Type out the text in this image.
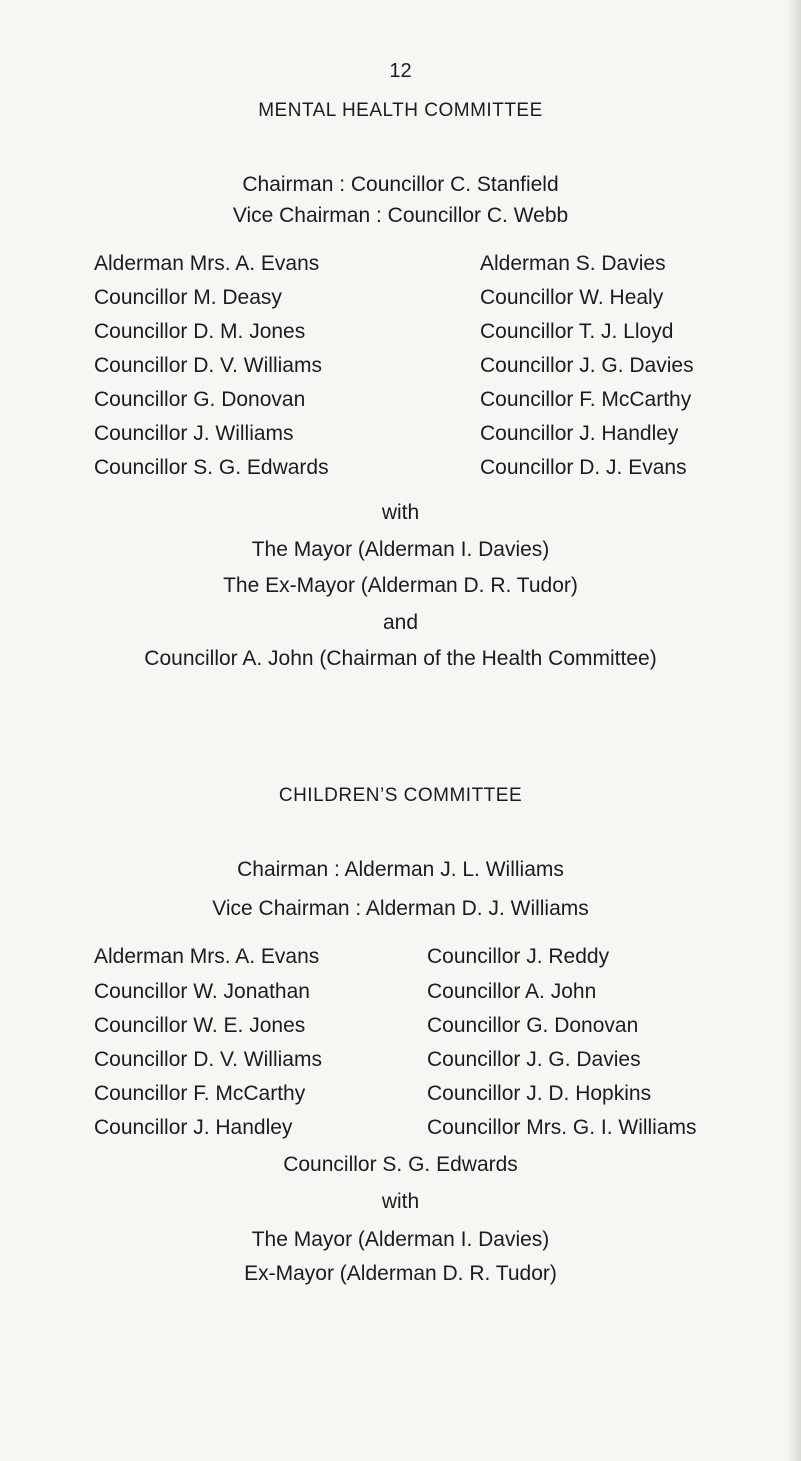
12
MENTAL HEALTH COMMITTEE
Chairman : Councillor C. Stanfield
Vice Chairman : Councillor C. Webb
Alderman Mrs. A. Evans
Councillor M. Deasy
Councillor D. M. Jones
Councillor D. V. Williams
Councillor G. Donovan
Councillor J. Williams
Councillor S. G. Edwards
Alderman S. Davies
Councillor W. Healy
Councillor T. J. Lloyd
Councillor J. G. Davies
Councillor F. McCarthy
Councillor J. Handley
Councillor D. J. Evans
with
The Mayor (Alderman I. Davies)
The Ex-Mayor (Alderman D. R. Tudor)
and
Councillor A. John (Chairman of the Health Committee)
CHILDREN’S COMMITTEE
Chairman : Alderman J. L. Williams
Vice Chairman : Alderman D. J. Williams
Alderman Mrs. A. Evans
Councillor W. Jonathan
Councillor W. E. Jones
Councillor D. V. Williams
Councillor F. McCarthy
Councillor J. Handley
Councillor J. Reddy
Councillor A. John
Councillor G. Donovan
Councillor J. G. Davies
Councillor J. D. Hopkins
Councillor Mrs. G. I. Williams
Councillor S. G. Edwards
with
The Mayor (Alderman I. Davies)
Ex-Mayor (Alderman D. R. Tudor)
